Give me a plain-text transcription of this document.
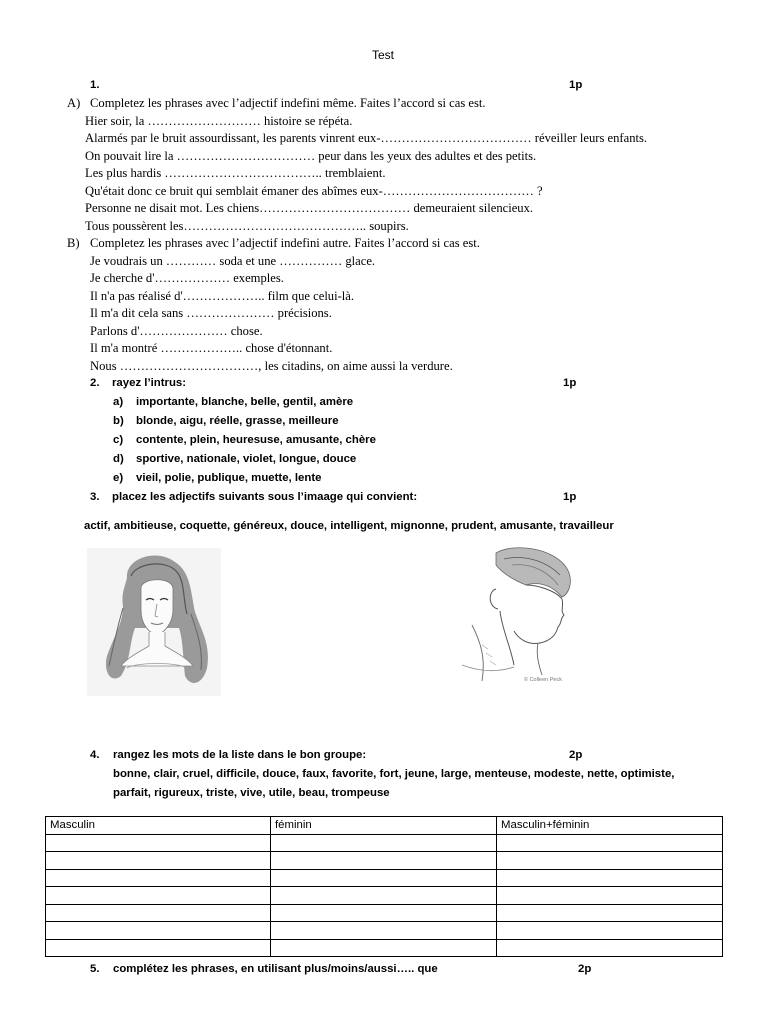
Test
1.	1p
A) Completez les phrases avec l’adjectif indefini même. Faites l’accord si cas est.
Hier soir, la ……………………… histoire se répéta.
Alarmés par le bruit assourdissant, les parents vinrent eux-……………………………… réveiller leurs enfants.
On pouvait lire la …………………………… peur dans les yeux des adultes et des petits.
Les plus hardis ……………………………….. tremblaient.
Qu'était donc ce bruit qui semblait émaner des abîmes eux-……………………………… ?
Personne ne disait mot. Les chiens……………………………… demeuraient silencieux.
Tous poussèrent les…………………………………….. soupirs.
B) Completez les phrases avec l’adjectif indefini autre. Faites l’accord si cas est.
Je voudrais un ………… soda et une …………… glace.
Je cherche d'……………… exemples.
Il n'a pas réalisé d'……………….. film que celui-là.
Il m'a dit cela sans ………………… précisions.
Parlons d'………………… chose.
Il m'a montré ……………….. chose d'étonnant.
Nous ……………………………, les citadins, on aime aussi la verdure.
2. rayez l’intrus:	1p
a) importante, blanche, belle, gentil, amère
b) blonde, aigu, réelle, grasse, meilleure
c) contente, plein, heuresuse, amusante, chère
d) sportive, nationale, violet, longue, douce
e) vieil, polie, publique, muette, lente
3. placez les adjectifs suivants sous l’imaage qui convient:	1p
actif, ambitieuse, coquette, généreux, douce, intelligent, mignonne, prudent, amusante, travailleur
© Colleen Peck
4. rangez les mots de la liste dans le bon groupe:	2p
bonne, clair, cruel, difficile, douce, faux, favorite, fort, jeune, large, menteuse, modeste, nette, optimiste,
parfait, rigureux, triste, vive, utile, beau, trompeuse
Masculin	féminin	Masculin+féminin

5. complétez les phrases, en utilisant plus/moins/aussi….. que	2p
